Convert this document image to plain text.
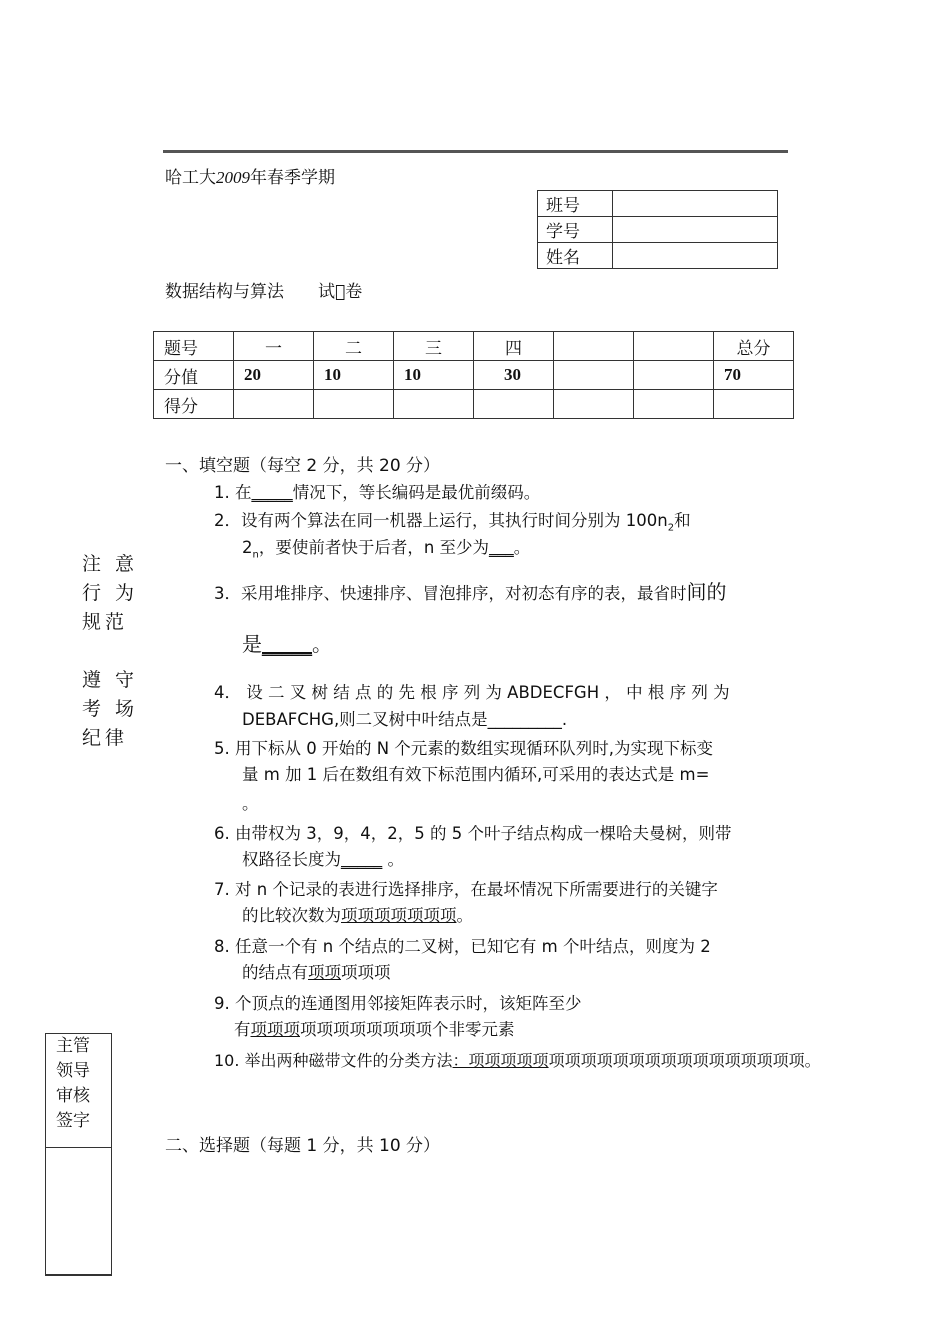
哈工大2009年春季学期
班号	
学号	
姓名	
数据结构与算法 试 卷
题号	一	二	三	四			总分
分值	20	10	10	30			70
得分							
一、填空题（每空 2 分，共 20 分）
注 意
行 为
规范
遵 守
考 场
纪律
1. 在_____情况下，等长编码是最优前缀码。
2．设有两个算法在同一机器上运行，其执行时间分别为 $100n_2$和
$2_n$，要使前者快于后者，n 至少为___。
3．采用堆排序、快速排序、冒泡排序，对初态有序的表，最省时间的
是_____。
4． 设 二 叉 树 结 点 的 先 根 序 列 为 ABDECFGH ， 中 根 序 列 为
DEBAFCHG,则二叉树中叶结点是_________.
5. 用下标从 0 开始的 N 个元素的数组实现循环队列时,为实现下标变
量 m 加 1 后在数组有效下标范围内循环,可采用的表达式是 m=
。
6. 由带权为 3，9，4，2，5 的 5 个叶子结点构成一棵哈夫曼树，则带
权路径长度为_____ 。
7. 对 n 个记录的表进行选择排序，在最坏情况下所需要进行的关键字
的比较次数为项项项项项项项。
8. 任意一个有 n 个结点的二叉树，已知它有 m 个叶结点，则度为 2
的结点有项项项项项
9. 个顶点的连通图用邻接矩阵表示时，该矩阵至少
有项项项项项项项项项项项个非零元素
10. 举出两种磁带文件的分类方法：项项项项项项项项项项项项项项项项项项项项项。
主管
领导
审核
签字
二、选择题（每题 1 分，共 10 分）
